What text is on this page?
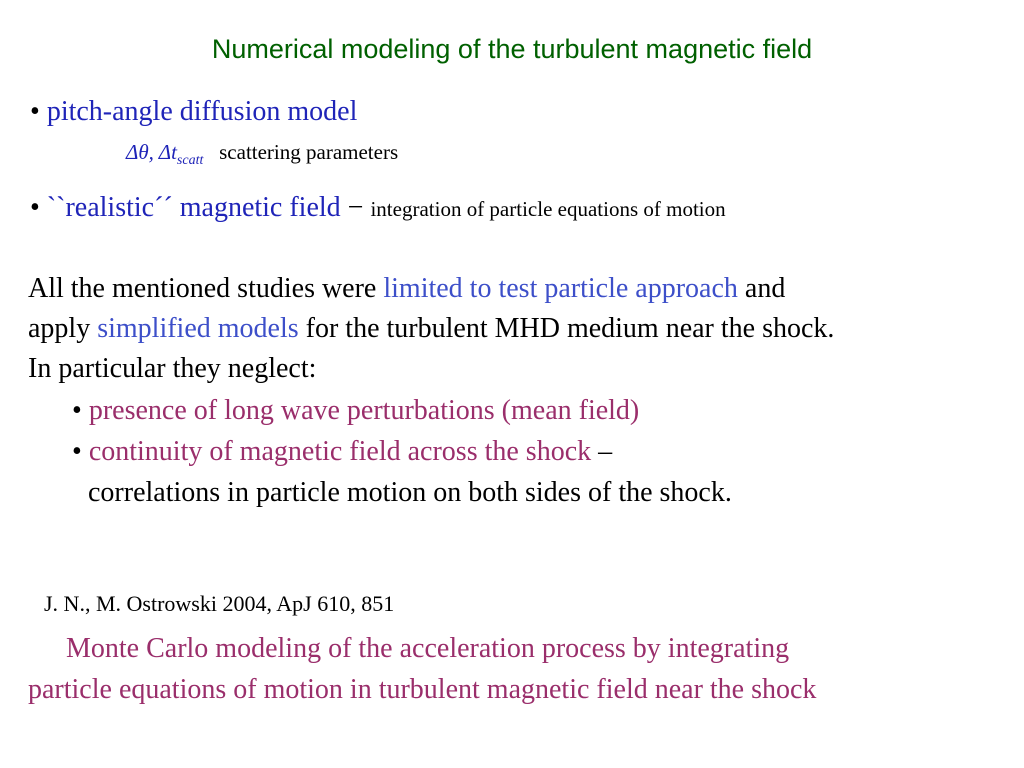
Numerical modeling of the turbulent magnetic field
• pitch-angle diffusion model
Δθ, $\Delta t_{scatt}$ scattering parameters
• ``realistic´´ magnetic field − integration of particle equations of motion
All the mentioned studies were limited to test particle approach and
apply simplified models for the turbulent MHD medium near the shock.
In particular they neglect:
• presence of long wave perturbations (mean field)
• continuity of magnetic field across the shock –
correlations in particle motion on both sides of the shock.
J. N., M. Ostrowski 2004, ApJ 610, 851
Monte Carlo modeling of the acceleration process by integrating
particle equations of motion in turbulent magnetic field near the shock
